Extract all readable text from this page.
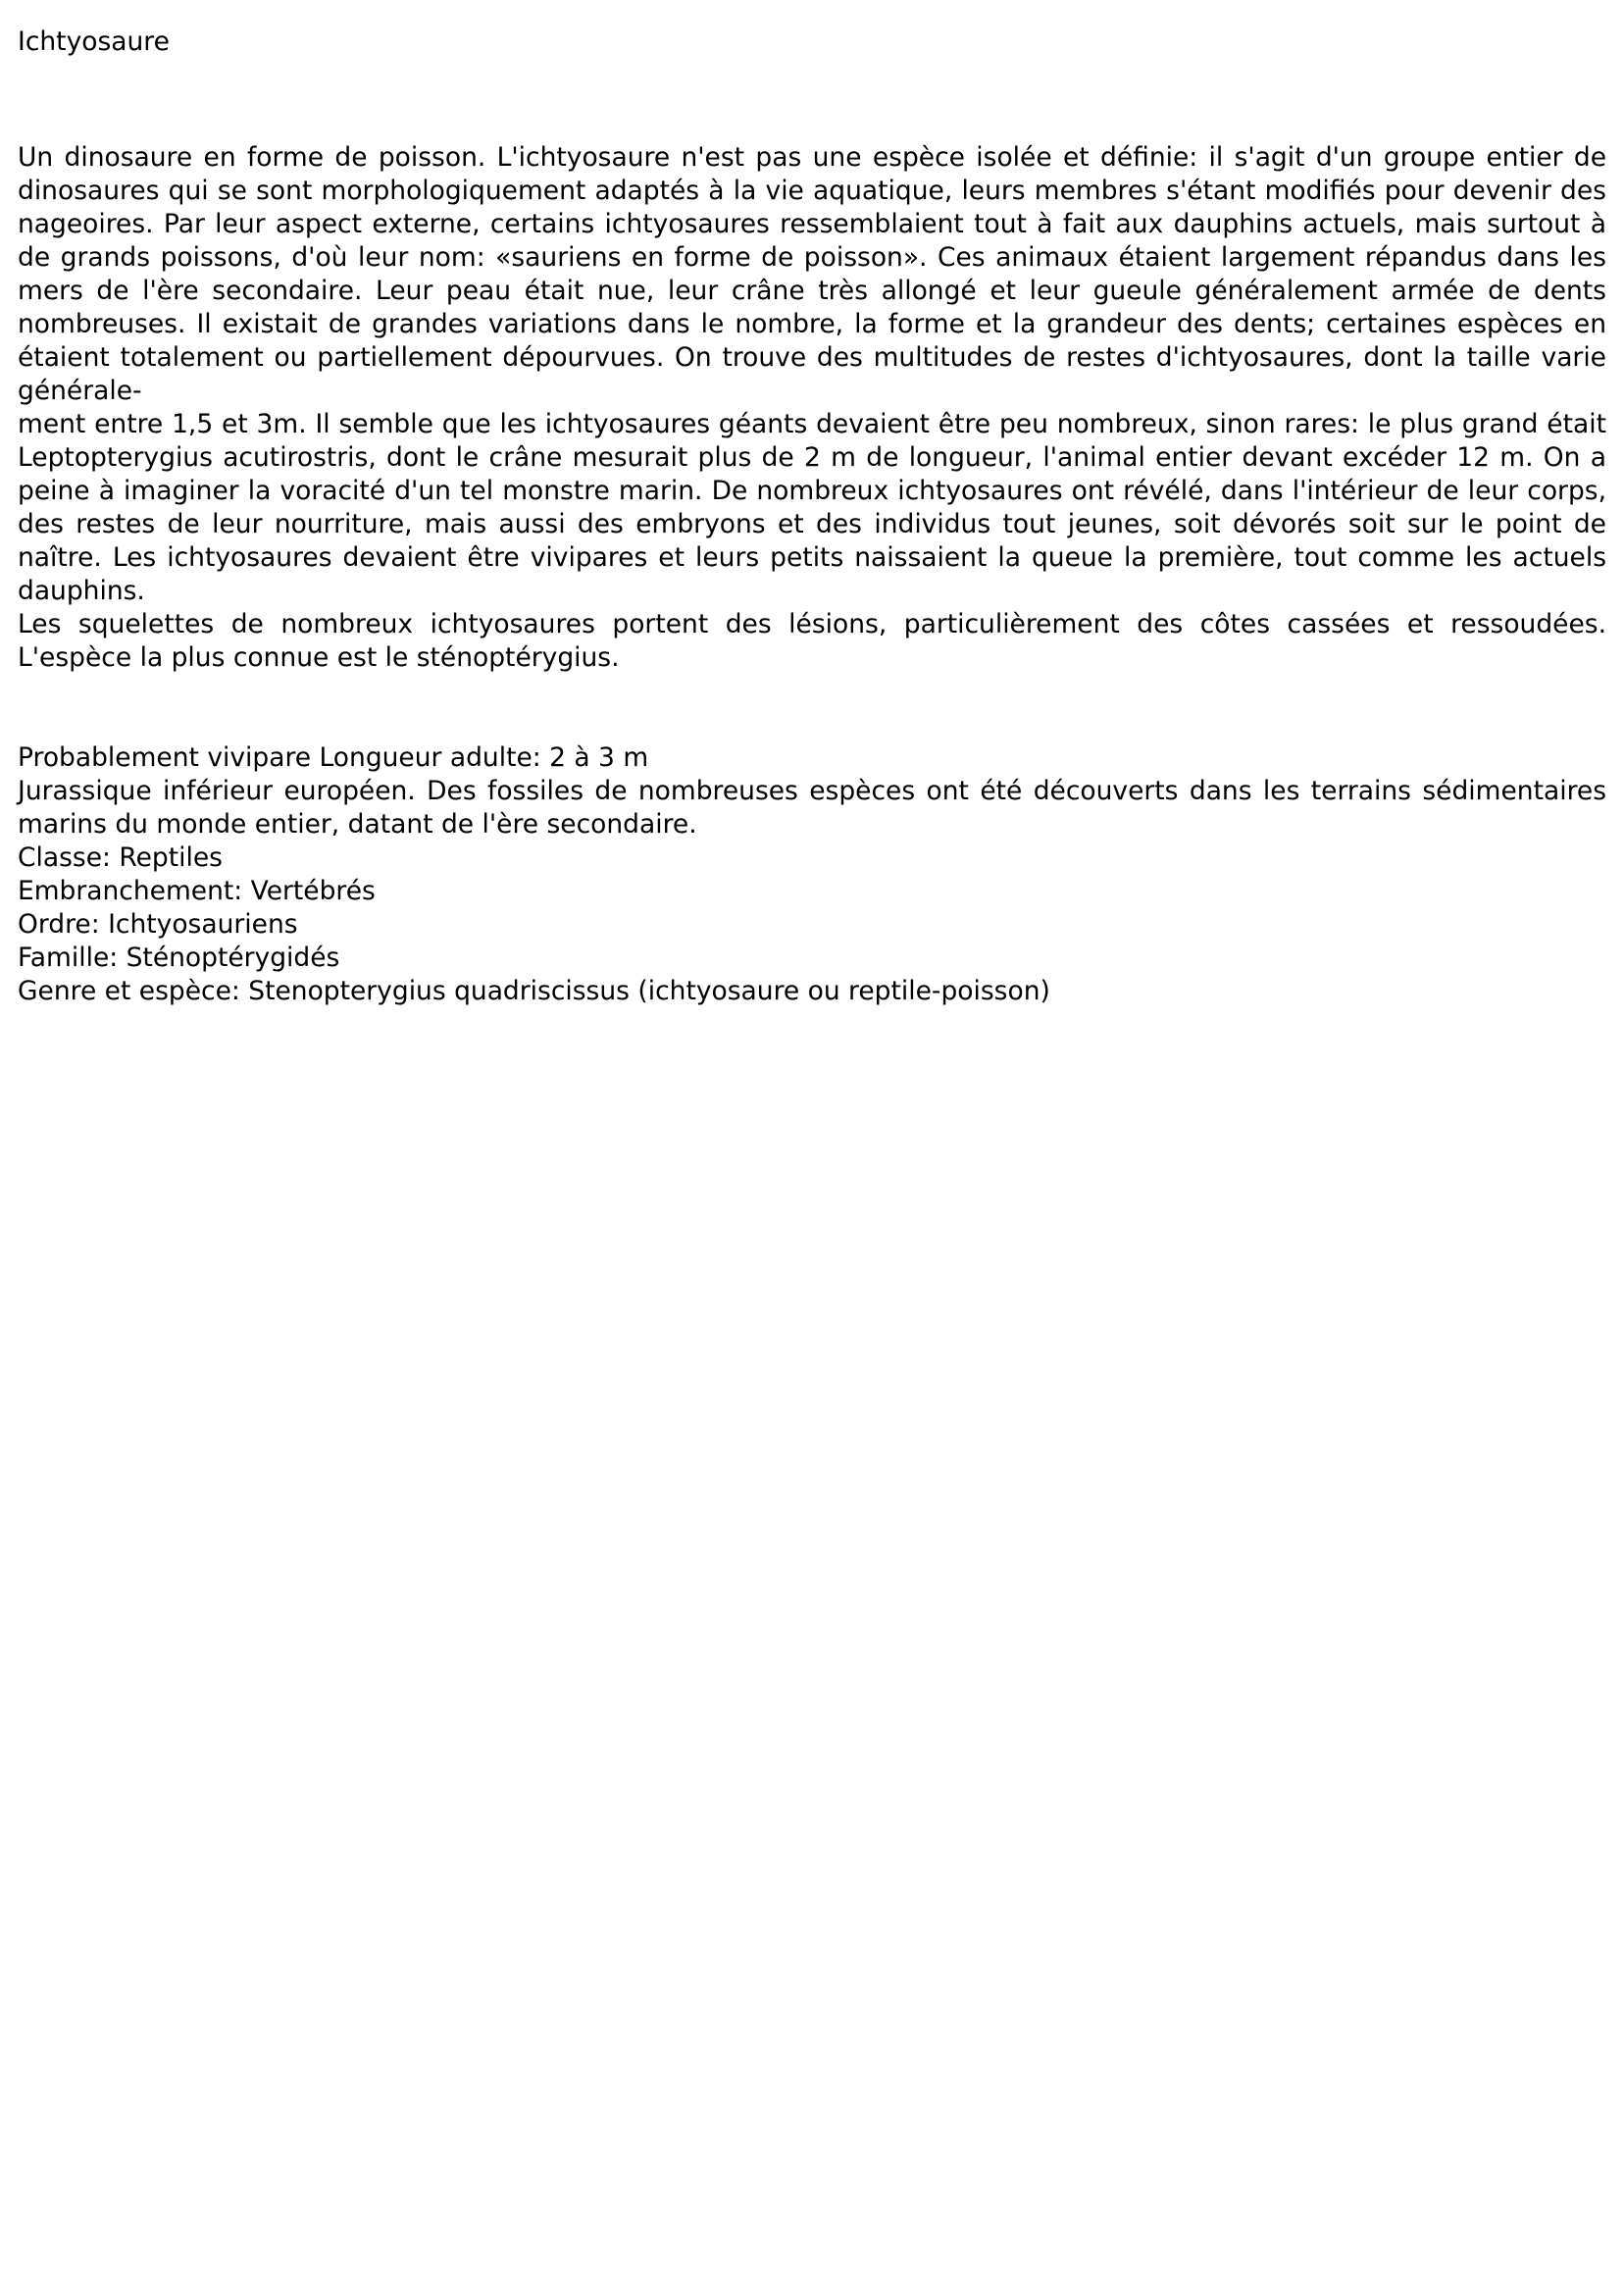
Ichtyosaure

Un dinosaure en forme de poisson. L'ichtyosaure n'est pas une espèce isolée et définie: il s'agit d'un groupe entier de dinosaures qui se sont morphologiquement adaptés à la vie aquatique, leurs membres s'étant modifiés pour devenir des nageoires. Par leur aspect externe, certains ichtyosaures ressemblaient tout à fait aux dauphins actuels, mais surtout à de grands poissons, d'où leur nom: «sauriens en forme de poisson». Ces animaux étaient largement répandus dans les mers de l'ère secondaire. Leur peau était nue, leur crâne très allongé et leur gueule généralement armée de dents nombreuses. Il existait de grandes variations dans le nombre, la forme et la grandeur des dents; certaines espèces en étaient totalement ou partiellement dépourvues. On trouve des multitudes de restes d'ichtyosaures, dont la taille varie générale-

ment entre 1,5 et 3m. Il semble que les ichtyosaures géants devaient être peu nombreux, sinon rares: le plus grand était Leptopterygius acutirostris, dont le crâne mesurait plus de 2 m de longueur, l'animal entier devant excéder 12 m. On a peine à imaginer la voracité d'un tel monstre marin. De nombreux ichtyosaures ont révélé, dans l'intérieur de leur corps, des restes de leur nourriture, mais aussi des embryons et des individus tout jeunes, soit dévorés soit sur le point de naître. Les ichtyosaures devaient être vivipares et leurs petits naissaient la queue la première, tout comme les actuels dauphins.

Les squelettes de nombreux ichtyosaures portent des lésions, particulièrement des côtes cassées et ressoudées. L'espèce la plus connue est le sténoptérygius.

Probablement vivipare Longueur adulte: 2 à 3 m

Jurassique inférieur européen. Des fossiles de nombreuses espèces ont été découverts dans les terrains sédimentaires marins du monde entier, datant de l'ère secondaire.

Classe: Reptiles

Embranchement: Vertébrés

Ordre: Ichtyosauriens

Famille: Sténoptérygidés

Genre et espèce: Stenopterygius quadriscissus (ichtyosaure ou reptile-poisson)
